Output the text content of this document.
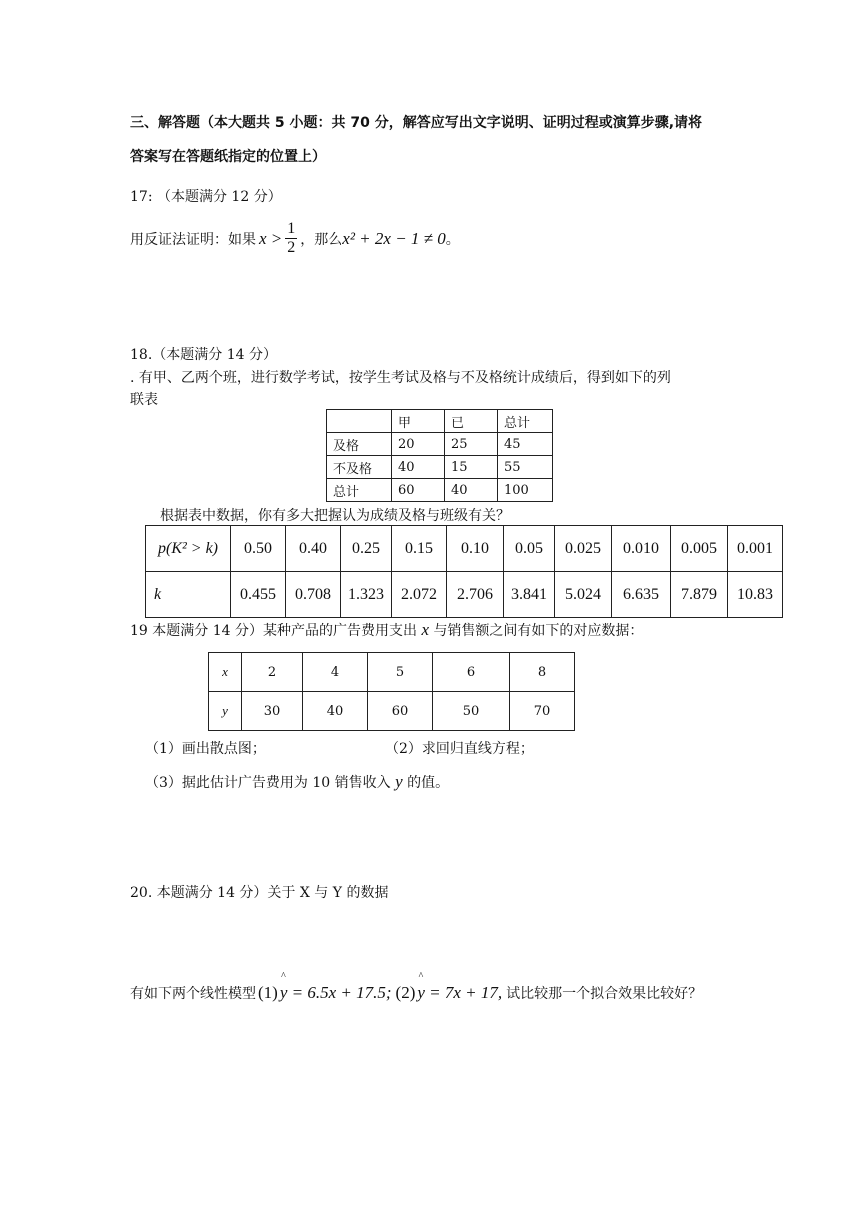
三、解答题（本大题共 5 小题：共 70 分，解答应写出文字说明、证明过程或演算步骤,请将
答案写在答题纸指定的位置上）
17: （本题满分 12 分）
用反证法证明：如果 $x > \frac{1}{2}$ ，那么 x² + 2x − 1 ≠ 0 。
18.（本题满分 14 分）
. 有甲、乙两个班，进行数学考试，按学生考试及格与不及格统计成绩后，得到如下的列
联表
	甲	已	总计
及格	20	25	45
不及格	40	15	55
总计	60	40	100
根据表中数据，你有多大把握认为成绩及格与班级有关？
p(K² > k)	0.50	0.40	0.25	0.15	0.10	0.05	0.025	0.010	0.005	0.001
k	0.455	0.708	1.323	2.072	2.706	3.841	5.024	6.635	7.879	10.83
19 本题满分 14 分）某种产品的广告费用支出 x 与销售额之间有如下的对应数据：
x	2	4	5	6	8
y	30	40	60	50	70
（1）画出散点图；	（2）求回归直线方程；
（3）据此估计广告费用为 10 销售收入 y 的值。
20. 本题满分 14 分）关于 X 与 Y 的数据
有如下两个线性模型 (1) ^ y = 6.5x + 17.5; (2) ^ y = 7x + 17, 试比较那一个拟合效果比较好？
